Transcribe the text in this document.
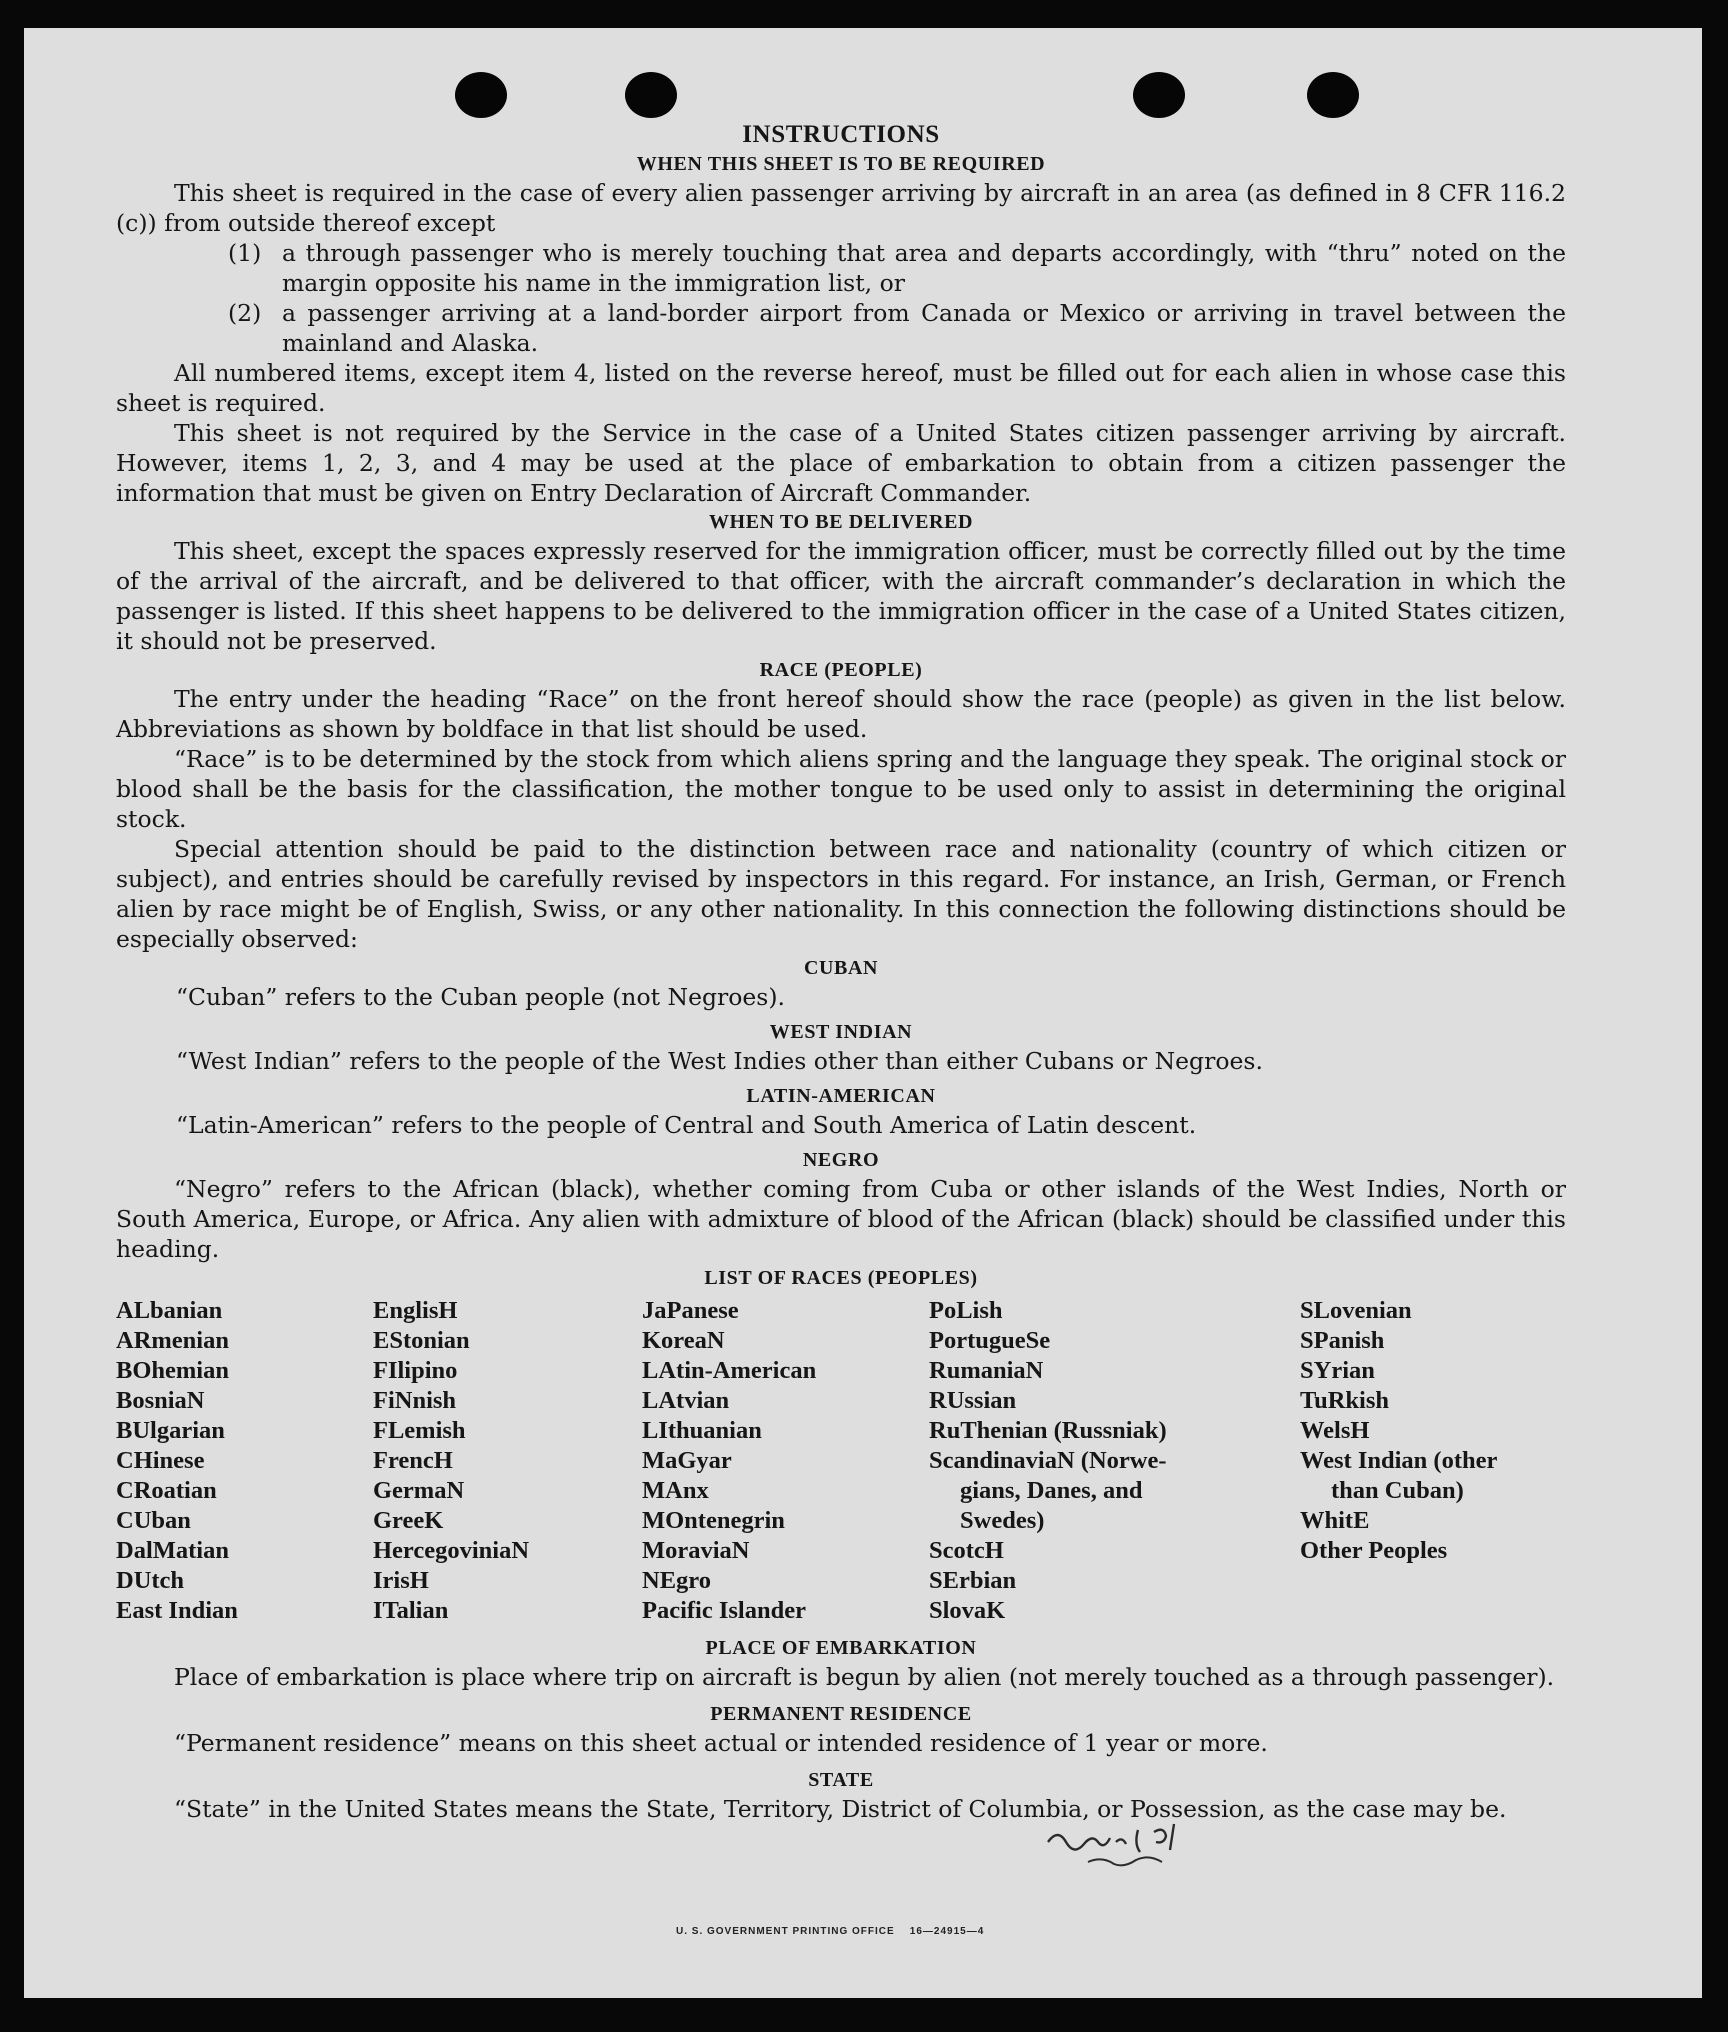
INSTRUCTIONS

WHEN THIS SHEET IS TO BE REQUIRED

This sheet is required in the case of every alien passenger arriving by aircraft in an area (as defined in 8 CFR 116.2 (c)) from outside thereof except

(1) a through passenger who is merely touching that area and departs accordingly, with “thru” noted on the margin opposite his name in the immigration list, or
(2) a passenger arriving at a land-border airport from Canada or Mexico or arriving in travel between the mainland and Alaska.

All numbered items, except item 4, listed on the reverse hereof, must be filled out for each alien in whose case this sheet is required.

This sheet is not required by the Service in the case of a United States citizen passenger arriving by aircraft. However, items 1, 2, 3, and 4 may be used at the place of embarkation to obtain from a citizen passenger the information that must be given on Entry Declaration of Aircraft Commander.

WHEN TO BE DELIVERED

This sheet, except the spaces expressly reserved for the immigration officer, must be correctly filled out by the time of the arrival of the aircraft, and be delivered to that officer, with the aircraft commander’s declaration in which the passenger is listed. If this sheet happens to be delivered to the immigration officer in the case of a United States citizen, it should not be preserved.

RACE (PEOPLE)

The entry under the heading “Race” on the front hereof should show the race (people) as given in the list below. Abbreviations as shown by boldface in that list should be used.

“Race” is to be determined by the stock from which aliens spring and the language they speak. The original stock or blood shall be the basis for the classification, the mother tongue to be used only to assist in determining the original stock.

Special attention should be paid to the distinction between race and nationality (country of which citizen or subject), and entries should be carefully revised by inspectors in this regard. For instance, an Irish, German, or French alien by race might be of English, Swiss, or any other nationality. In this connection the following distinctions should be especially observed:

CUBAN

“Cuban” refers to the Cuban people (not Negroes).

WEST INDIAN

“West Indian” refers to the people of the West Indies other than either Cubans or Negroes.

LATIN-AMERICAN

“Latin-American” refers to the people of Central and South America of Latin descent.

NEGRO

“Negro” refers to the African (black), whether coming from Cuba or other islands of the West Indies, North or South America, Europe, or Africa. Any alien with admixture of blood of the African (black) should be classified under this heading.

LIST OF RACES (PEOPLES)

ALbanian
ARmenian
BOhemian
BosniaN
BUlgarian
CHinese
CRoatian
CUban
DalMatian
DUtch
East Indian
EnglisH
EStonian
FIlipino
FiNnish
FLemish
FrencH
GermaN
GreeK
HercegoviniaN
IrisH
ITalian
JaPanese
KoreaN
LAtin-American
LAtvian
LIthuanian
MaGyar
MAnx
MOntenegrin
MoraviaN
NEgro
Pacific Islander
PoLish
PortugueSe
RumaniaN
RUssian
RuThenian (Russniak)
ScandinaviaN (Norwe-
gians, Danes, and
Swedes)
ScotcH
SErbian
SlovaK
SLovenian
SPanish
SYrian
TuRkish
WelsH
West Indian (other
than Cuban)
WhitE
Other Peoples

PLACE OF EMBARKATION

Place of embarkation is place where trip on aircraft is begun by alien (not merely touched as a through passenger).

PERMANENT RESIDENCE

“Permanent residence” means on this sheet actual or intended residence of 1 year or more.

STATE

“State” in the United States means the State, Territory, District of Columbia, or Possession, as the case may be.

U. S. GOVERNMENT PRINTING OFFICE    16—24915—4
